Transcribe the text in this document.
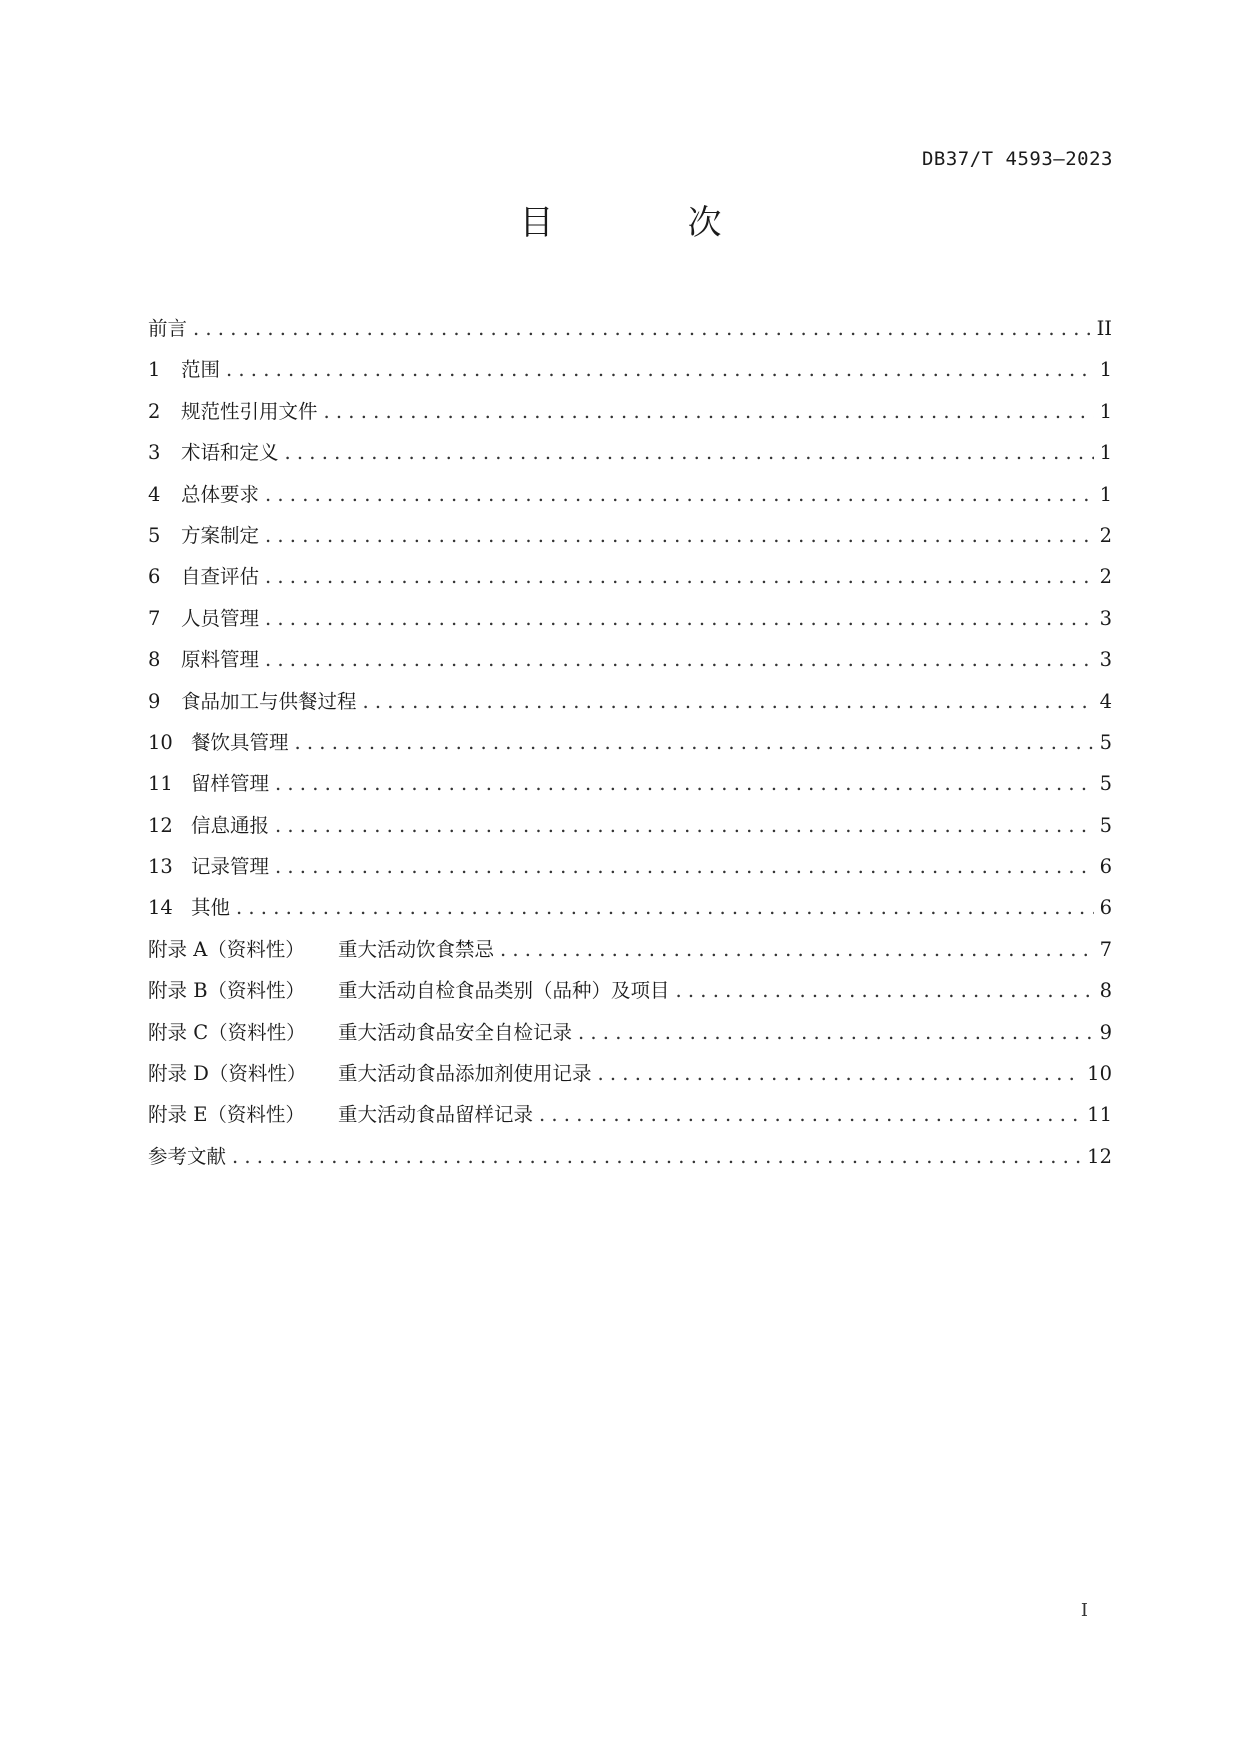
DB37/T 4593—2023
目　次
前言 . . .	II
1	范围 . . .	1
2	规范性引用文件 . . .	1
3	术语和定义 . . .	1
4	总体要求 . . .	1
5	方案制定 . . .	2
6	自查评估 . . .	2
7	人员管理 . . .	3
8	原料管理 . . .	3
9	食品加工与供餐过程 . . .	4
10 餐饮具管理 . . .	5
11 留样管理 . . .	5
12 信息通报 . . .	5
13 记录管理 . . .	6
14 其他 . . .	6
附录 A（资料性）	重大活动饮食禁忌 . . .	7
附录 B（资料性）	重大活动自检食品类别（品种）及项目 . . .	8
附录 C（资料性）	重大活动食品安全自检记录 . . .	9
附录 D（资料性）	重大活动食品添加剂使用记录 . . .	10
附录 E（资料性）	重大活动食品留样记录 . . .	11
参考文献 . . .	12
I
